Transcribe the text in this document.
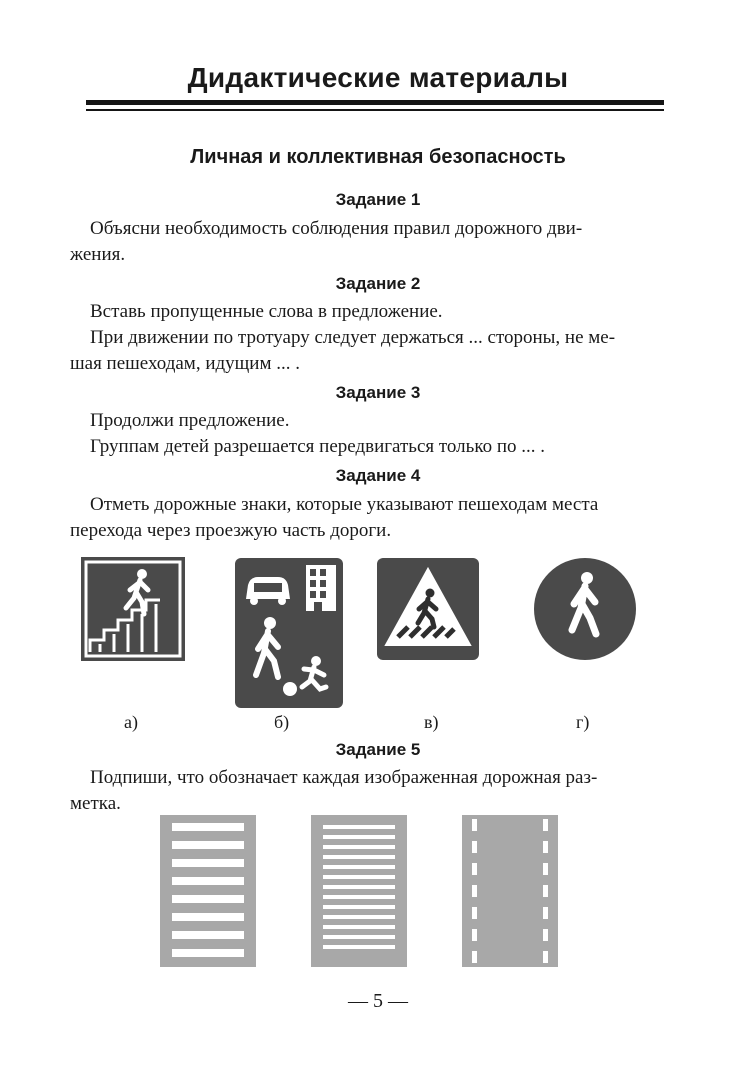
Дидактические материалы
Личная и коллективная безопасность
Задание 1
Объясни необходимость соблюдения правил дорожного дви-
жения.
Задание 2
Вставь пропущенные слова в предложение.
При движении по тротуару следует держаться ... стороны, не ме-
шая пешеходам, идущим ... .
Задание 3
Продолжи предложение.
Группам детей разрешается передвигаться только по ... .
Задание 4
Отметь дорожные знаки, которые указывают пешеходам места
перехода через проезжую часть дороги.
а)	б)	в)	г)
Задание 5
Подпиши, что обозначает каждая изображенная дорожная раз-
метка.
— 5 —
